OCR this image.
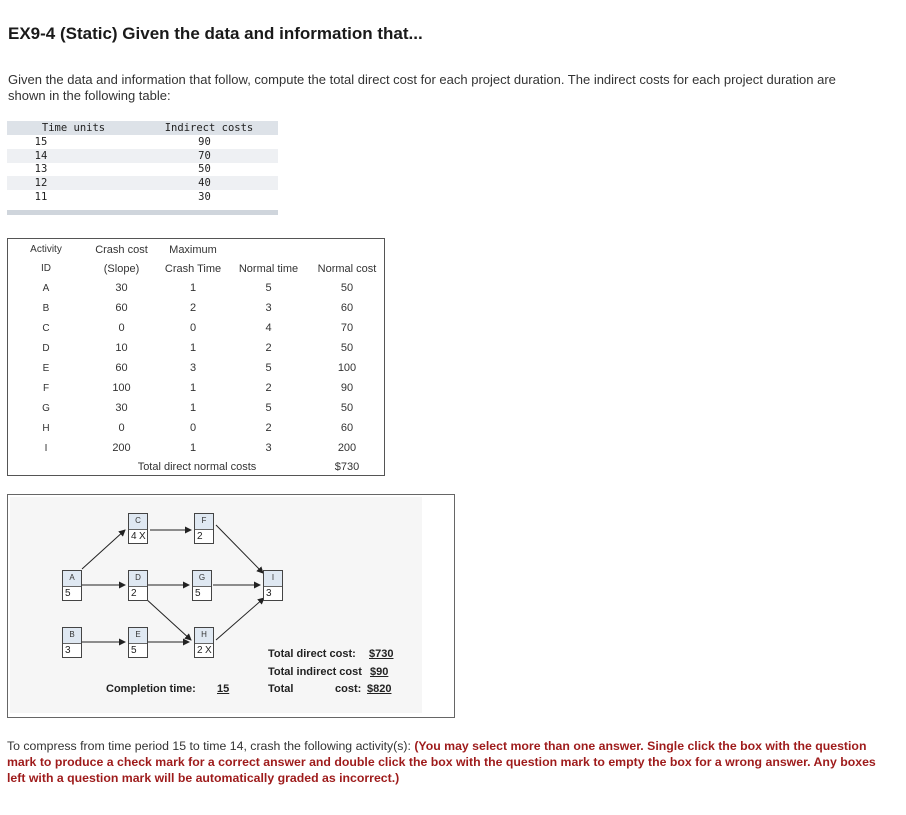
EX9-4 (Static) Given the data and information that...
Given the data and information that follow, compute the total direct cost for each project duration. The indirect costs for each project duration are shown in the following table:
Time units	Indirect costs
15	90
14	70
13	50
12	40
11	30
Activity	Crash cost	Maximum		
ID	(Slope)	Crash Time	Normal time	Normal cost
A	30	1	5	50
B	60	2	3	60
C	0	0	4	70
D	10	1	2	50
E	60	3	5	100
F	100	1	2	90
G	30	1	5	50
H	0	0	2	60
I	200	1	3	200
	Total direct normal costs			$730
C
4 X
F
2
A
5
D
2
G
5
I
3
B
3
E
5
H
2 X
Completion time: 15
Total direct cost: $730
Total indirect cost $90
Total	cost: $820
To compress from time period 15 to time 14, crash the following activity(s): (You may select more than one answer. Single click the box with the question mark to produce a check mark for a correct answer and double click the box with the question mark to empty the box for a wrong answer. Any boxes left with a question mark will be automatically graded as incorrect.)
